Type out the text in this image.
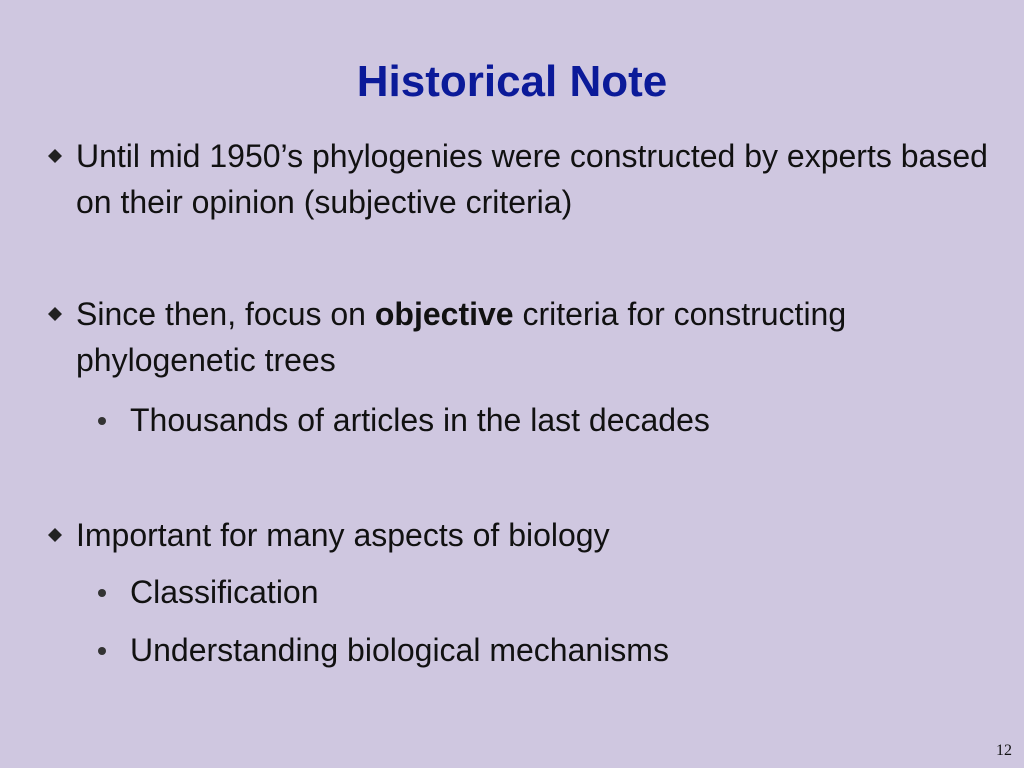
Historical Note
Until mid 1950’s phylogenies were constructed by experts based on their opinion (subjective criteria)
Since then, focus on objective criteria for constructing phylogenetic trees
Thousands of articles in the last decades
Important for many aspects of biology
Classification
Understanding biological mechanisms
12
